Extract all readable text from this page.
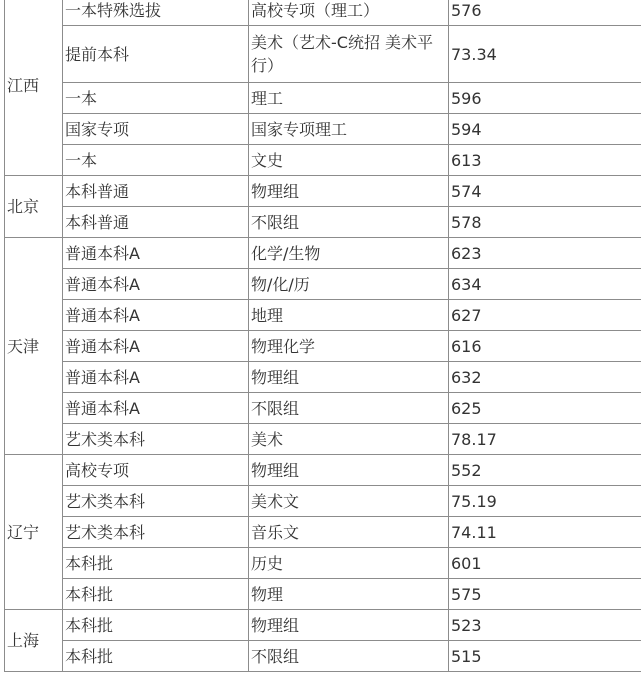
江西	一本特殊选拔	高校专项（理工）	576
	提前本科	美术（艺术-C统招 美术平行）	73.34
	一本	理工	596
	国家专项	国家专项理工	594
	一本	文史	613
北京	本科普通	物理组	574
	本科普通	不限组	578
天津	普通本科A	化学/生物	623
	普通本科A	物/化/历	634
	普通本科A	地理	627
	普通本科A	物理化学	616
	普通本科A	物理组	632
	普通本科A	不限组	625
	艺术类本科	美术	78.17
辽宁	高校专项	物理组	552
	艺术类本科	美术文	75.19
	艺术类本科	音乐文	74.11
	本科批	历史	601
	本科批	物理	575
上海	本科批	物理组	523
	本科批	不限组	515
